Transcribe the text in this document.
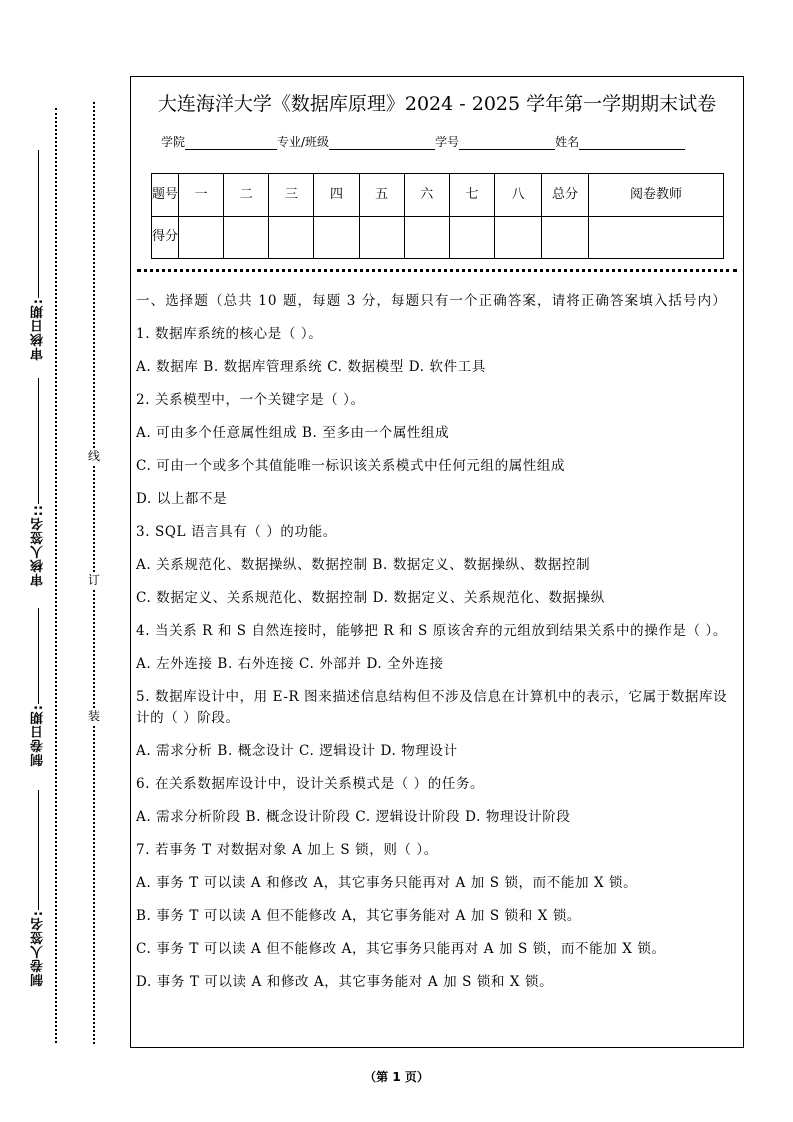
审核日期:
审核人签名::
制卷日期:
制卷人签名:
线
订
装
大连海洋大学《数据库原理》2024 - 2025 学年第一学期期末试卷
学院	专业/班级	学号	姓名
题号	一	二	三	四	五	六	七	八	总分	阅卷教师
得分										

一、选择题（总共 10 题，每题 3 分，每题只有一个正确答案，请将正确答案填入括号内）

1. 数据库系统的核心是（ ）。

A. 数据库 B. 数据库管理系统 C. 数据模型 D. 软件工具

2. 关系模型中，一个关键字是（ ）。

A. 可由多个任意属性组成 B. 至多由一个属性组成

C. 可由一个或多个其值能唯一标识该关系模式中任何元组的属性组成

D. 以上都不是

3. SQL 语言具有（ ）的功能。

A. 关系规范化、数据操纵、数据控制 B. 数据定义、数据操纵、数据控制

C. 数据定义、关系规范化、数据控制 D. 数据定义、关系规范化、数据操纵

4. 当关系 R 和 S 自然连接时，能够把 R 和 S 原该舍弃的元组放到结果关系中的操作是（ ）。

A. 左外连接 B. 右外连接 C. 外部并 D. 全外连接

5. 数据库设计中，用 E-R 图来描述信息结构但不涉及信息在计算机中的表示，它属于数据库设计的（ ）阶段。

A. 需求分析 B. 概念设计 C. 逻辑设计 D. 物理设计

6. 在关系数据库设计中，设计关系模式是（ ）的任务。

A. 需求分析阶段 B. 概念设计阶段 C. 逻辑设计阶段 D. 物理设计阶段

7. 若事务 T 对数据对象 A 加上 S 锁，则（ ）。

A. 事务 T 可以读 A 和修改 A，其它事务只能再对 A 加 S 锁，而不能加 X 锁。

B. 事务 T 可以读 A 但不能修改 A，其它事务能对 A 加 S 锁和 X 锁。

C. 事务 T 可以读 A 但不能修改 A，其它事务只能再对 A 加 S 锁，而不能加 X 锁。

D. 事务 T 可以读 A 和修改 A，其它事务能对 A 加 S 锁和 X 锁。

（第 1 页）
